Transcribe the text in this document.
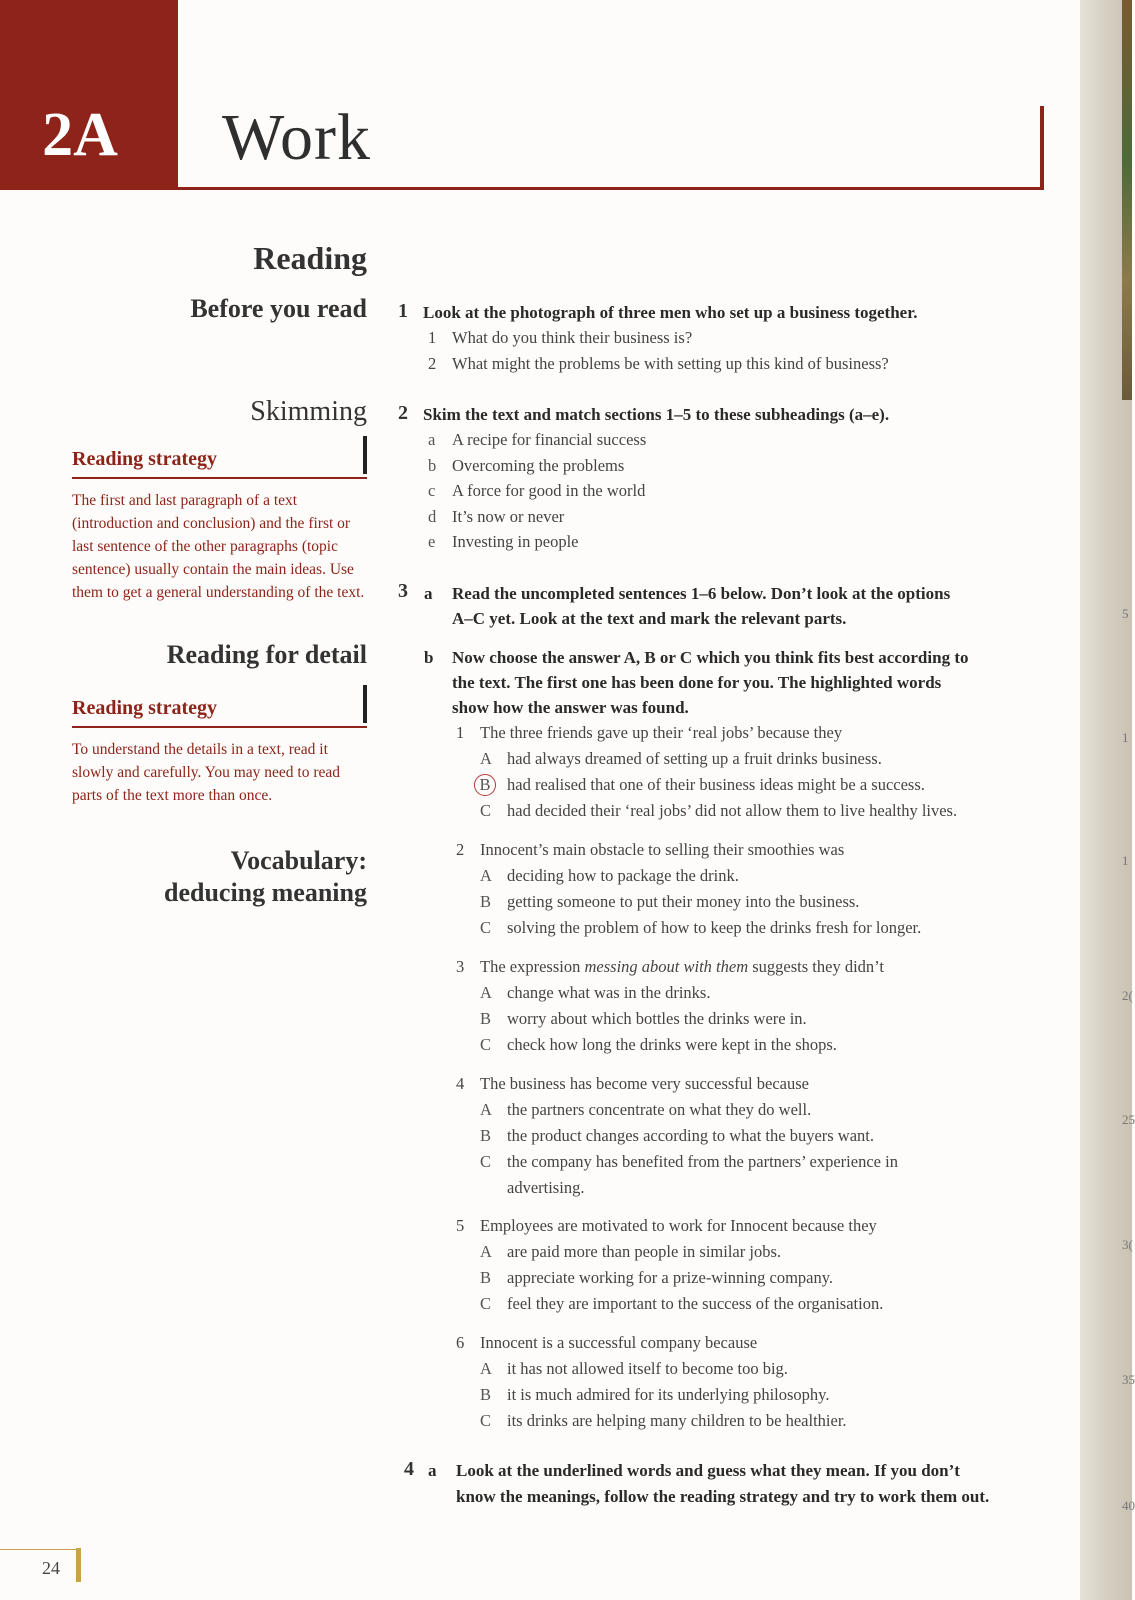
5
1
1
2(
25
3(
35
40
2A	Work
Reading
Before you read
Skimming
Reading strategy
The first and last paragraph of a text (introduction and conclusion) and the first or last sentence of the other paragraphs (topic sentence) usually contain the main ideas. Use them to get a general understanding of the text.
Reading for detail
Reading strategy
To understand the details in a text, read it slowly and carefully. You may need to read parts of the text more than once.
Vocabulary:
deducing meaning
1 Look at the photograph of three men who set up a business together.
1 What do you think their business is?
2 What might the problems be with setting up this kind of business?
2 Skim the text and match sections 1–5 to these subheadings (a–e).
a A recipe for financial success
b Overcoming the problems
c A force for good in the world
d It’s now or never
e Investing in people
3 a Read the uncompleted sentences 1–6 below. Don’t look at the options
A–C yet. Look at the text and mark the relevant parts.
b Now choose the answer A, B or C which you think fits best according to
the text. The first one has been done for you. The highlighted words
show how the answer was found.
1 The three friends gave up their ‘real jobs’ because they
A had always dreamed of setting up a fruit drinks business.
B	had realised that one of their business ideas might be a success.
C had decided their ‘real jobs’ did not allow them to live healthy lives.
2 Innocent’s main obstacle to selling their smoothies was
A deciding how to package the drink.
B getting someone to put their money into the business.
C solving the problem of how to keep the drinks fresh for longer.
3 The expression messing about with them suggests they didn’t
A change what was in the drinks.
B worry about which bottles the drinks were in.
C check how long the drinks were kept in the shops.
4 The business has become very successful because
A the partners concentrate on what they do well.
B the product changes according to what the buyers want.
C the company has benefited from the partners’ experience in
advertising.
5 Employees are motivated to work for Innocent because they
A are paid more than people in similar jobs.
B appreciate working for a prize-winning company.
C feel they are important to the success of the organisation.
6 Innocent is a successful company because
A it has not allowed itself to become too big.
B it is much admired for its underlying philosophy.
C its drinks are helping many children to be healthier.
4 a Look at the underlined words and guess what they mean. If you don’t
know the meanings, follow the reading strategy and try to work them out.
24
